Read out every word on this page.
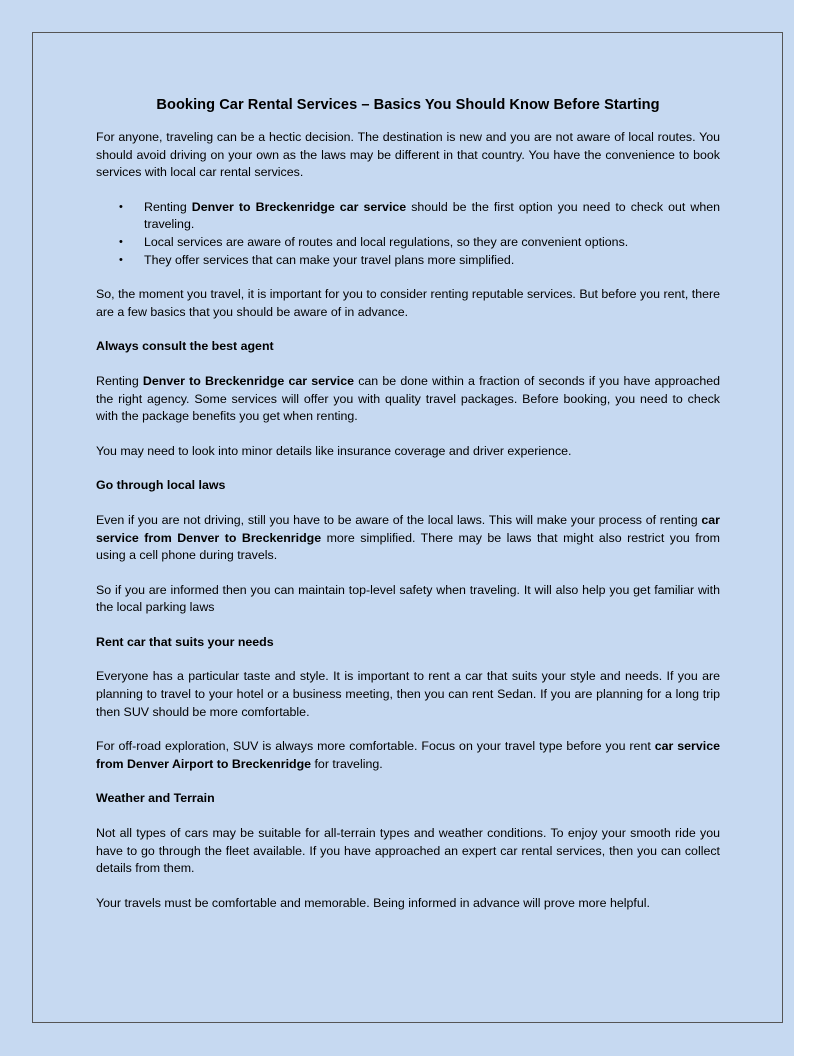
Booking Car Rental Services – Basics You Should Know Before Starting

For anyone, traveling can be a hectic decision. The destination is new and you are not aware of local routes. You should avoid driving on your own as the laws may be different in that country. You have the convenience to book services with local car rental services.

• Renting Denver to Breckenridge car service should be the first option you need to check out when traveling.
• Local services are aware of routes and local regulations, so they are convenient options.
• They offer services that can make your travel plans more simplified.

So, the moment you travel, it is important for you to consider renting reputable services. But before you rent, there are a few basics that you should be aware of in advance.

Always consult the best agent

Renting Denver to Breckenridge car service can be done within a fraction of seconds if you have approached the right agency. Some services will offer you with quality travel packages. Before booking, you need to check with the package benefits you get when renting.

You may need to look into minor details like insurance coverage and driver experience.

Go through local laws

Even if you are not driving, still you have to be aware of the local laws. This will make your process of renting car service from Denver to Breckenridge more simplified. There may be laws that might also restrict you from using a cell phone during travels.

So if you are informed then you can maintain top-level safety when traveling. It will also help you get familiar with the local parking laws

Rent car that suits your needs

Everyone has a particular taste and style. It is important to rent a car that suits your style and needs. If you are planning to travel to your hotel or a business meeting, then you can rent Sedan. If you are planning for a long trip then SUV should be more comfortable.

For off-road exploration, SUV is always more comfortable. Focus on your travel type before you rent car service from Denver Airport to Breckenridge for traveling.

Weather and Terrain

Not all types of cars may be suitable for all-terrain types and weather conditions. To enjoy your smooth ride you have to go through the fleet available. If you have approached an expert car rental services, then you can collect details from them.

Your travels must be comfortable and memorable. Being informed in advance will prove more helpful.
